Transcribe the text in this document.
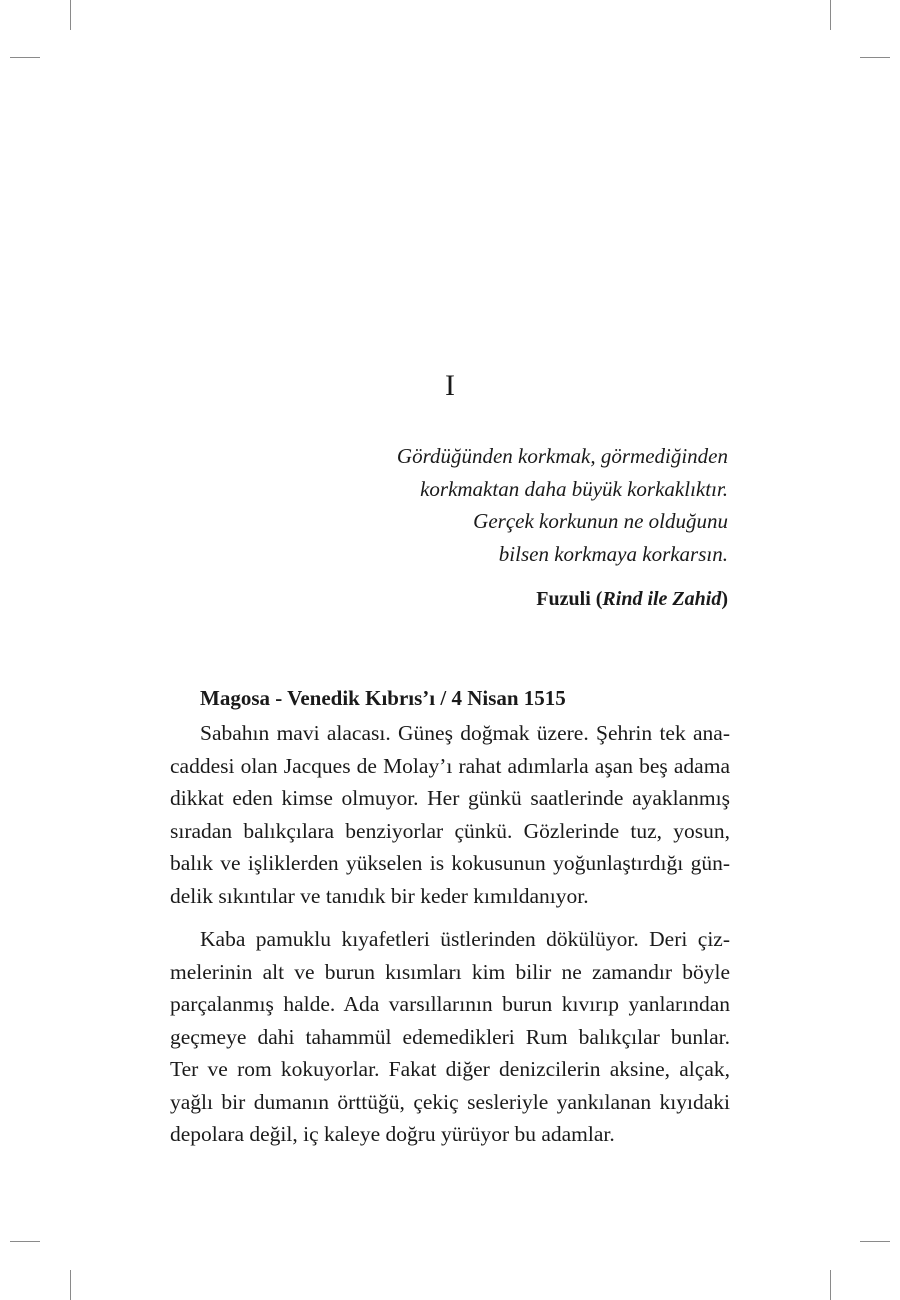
I
Gördüğünden korkmak, görmediğinden
korkmaktan daha büyük korkaklıktır.
Gerçek korkunun ne olduğunu
bilsen korkmaya korkarsın.
Fuzuli (Rind ile Zahid)
Magosa - Venedik Kıbrıs’ı / 4 Nisan 1515
Sabahın mavi alacası. Güneş doğmak üzere. Şehrin tek ana-
caddesi olan Jacques de Molay’ı rahat adımlarla aşan beş adama
dikkat eden kimse olmuyor. Her günkü saatlerinde ayaklanmış
sıradan balıkçılara benziyorlar çünkü. Gözlerinde tuz, yosun,
balık ve işliklerden yükselen is kokusunun yoğunlaştırdığı gün-
delik sıkıntılar ve tanıdık bir keder kımıldanıyor.
Kaba pamuklu kıyafetleri üstlerinden dökülüyor. Deri çiz-
melerinin alt ve burun kısımları kim bilir ne zamandır böyle
parçalanmış halde. Ada varsıllarının burun kıvırıp yanlarından
geçmeye dahi tahammül edemedikleri Rum balıkçılar bunlar.
Ter ve rom kokuyorlar. Fakat diğer denizcilerin aksine, alçak,
yağlı bir dumanın örttüğü, çekiç sesleriyle yankılanan kıyıdaki
depolara değil, iç kaleye doğru yürüyor bu adamlar.
